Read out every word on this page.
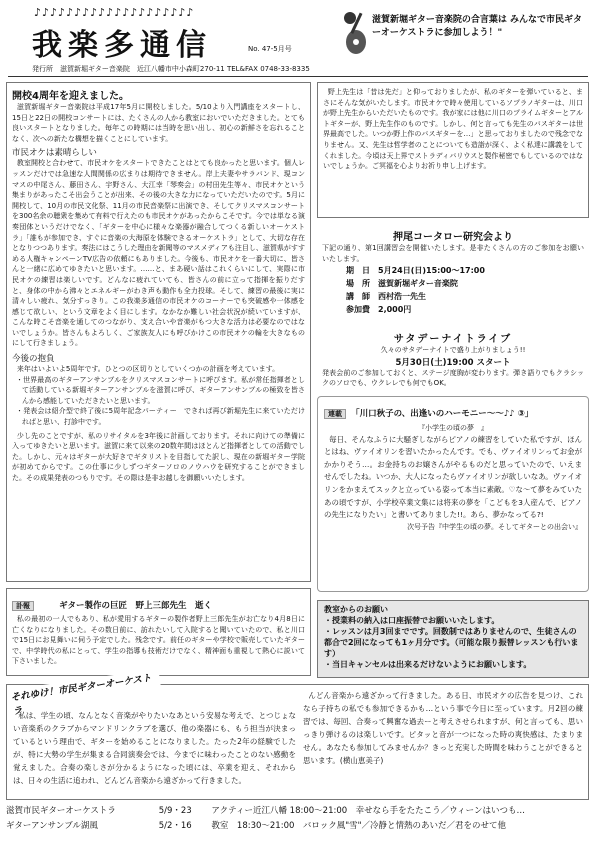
♪♪♪♪♪♪♪♪♪♪♪♪♪♪♪♪♪♪♪♪
我楽多通信	No. 47-5月号
滋賀新堀ギター音楽院の合言葉は みんなで市民ギターオーケストラに参加しよう！"
発行所　滋賀新堀ギター音楽院　近江八幡市中小森町270-11 TEL&FAX 0748-33-8335
開校4周年を迎えました。
滋賀新堀ギター音楽院は平成17年5月に開校しました。5/10より入門講座をスタートし、15日と22日の開校コンサートには、たくさんの人から教室においでいただきました。とても良いスタートとなりました。毎年この時期には当時を思い出し、初心の新鮮さを忘れることなく、次への新たな構想を描くことにしています。
市民オケは素晴らしい
教室開校と合わせて、市民オケをスタートできたことはとても良かったと思います。個人レッスンだけでは急速な人間関係の広まりは期待できません。岸上夫妻やサラバンド、現コンマスの中尾さん、藤田さん、宇野さん、大江幸「琴奏会」の村田先生等々、市民オケという集まりがあったこそ出会うことが出来、その後の大きな力になっていただいたのです。5月に開校して、10月の市民文化祭、11月の市民音楽祭に出演でき、そしてクリスマスコンサートを300名余の聴衆を集めて有料で行えたのも市民オケがあったからこそです。今では単なる演奏団体というだけでなく、「ギターを中心に様々な楽器が融合してつくる新しいオーケストラ」「誰もが参加でき、すぐに音楽の大海原を体験できるオーケストラ」として、大切な存在となりつつあります。奏法にはこうした理由を新聞等のマスメディアも注目し、滋賀県がすすめる人権キャンペーンTV広告の依頼にもありました。今後も、市民オケを一番大切に、皆さんと一緒に広めてゆきたいと思います。……と、まあ硬い話はこれくらいにして、実際に市民オケの練習は楽しいです。どんなに疲れていても、皆さんの前に立って指揮を振りだすと、身体の中から沸々とエネルギーがわき声も動作も全力投球。そして、練習の最後に実に清々しい疲れ、気分すっきり。この我楽多通信の市民オケのコーナーでも突破感や一体感を感じて欲しい、という文章をよく目にします。なかなか難しい社会状況が続いていますが、こんな時こそ音楽を通してのつながり、支え合いや音楽がもつ大きな活力は必要なのではないでしょうか。皆さんもよろしく、ご家族友人にも呼びかけこの市民オケの輪を大きなものにして行きましょう。
今後の抱負
来年はいよいよ5周年です。ひとつの区切りとしていくつかの計画を考えています。
・世界最高のギターアンサンブルをクリスマスコンサートに呼びます。私が常任指揮者として活動している新堀ギターアンサンブルを滋賀に呼び、ギターアンサンブルの極致を皆さんから感能していただきたいと思います。
・発表会は紹介型で終了後に5周年記念パーティー　できれば再び新堀先生に来ていただければと思い、打診中です。
少し先のことですが、私のリサイタルを3年後に計画しております。それに向けての準備に入ってゆきたいと思います。滋賀に来て以来の20数年間はほとんど指揮者としての活動でした。しかし、元々はギターが大好きでギタリストを目指してた訳し、現在の新堀ギター学院が初めてからです。この仕事に少しずつギターソロのノウハウを研究することができました。その成果発表のつもりです。その際は是非お越しを御願いいたします。
訃報	ギター製作の巨匠　野上三郎先生　逝く
私の最初の一人でもあり、私が愛用するギターの製作者野上三郎先生がお亡なり4月8日に亡くなりになりました。その数日前に、訪れたいして入院すると聞いていたので、私と川口で15日にお見舞いに伺う予定でした。残念です。前任のギターや学校で販売していたギターで、中学時代の私にとって、学生の指導も技術だけでなく、精神面も重視して熱心に説いて下さいました。
野上先生は「昔は先だ」と仰っておりましたが、私のギターを弾いていると、まさにそんな気がいたします。市民オケで時々使用しているソプラノギターは、川口が野上先生からいただいたものです。我が家には他に川口のプライムギターとアルトギターが、野上先生作のものです。しかし、何と言っても先生のバスギターは世界最高でした。いつか野上作のバスギターを…」と思っておりましたので残念でなりません。又、先生は哲学者のことについても造詣が深く、よく私達に講義をしてくれました。今頃は天上界でストラディバリウスと製作秘密でもしているのではないでしょうか。ご冥福を心よりお祈り申し上げます。
押尾コータロー研究会より
下記の通り、第1回講習会を開催いたします。是非たくさんの方のご参加をお願いいたします。
期　日	5月24日(日)15:00～17:00
場　所	滋賀新堀ギター音楽院
講　師	西村浩一先生
参加費	2,000円
サタデーナイトライブ
久々のサタデーナイトで盛り上がりましょう!!
5月30日(土)19:00 スタート
発表会前のご参加しておくと、ステージ度胸が変わります。弾き語りでもクラシックのソロでも、ウクレレでも何でもOK。
連載 「川口秋子の、出逢いのハーモニー～～♪♪ ③」
『小学生の頃の夢　』
毎日、そんなふうに大騒ぎしながらピアノの練習をしていた私ですが、ほんとはね、ヴァイオリンを習いたかったんです。でも、ヴァイオリンってお金がかかりそう…。お金持ちのお嬢さんがやるものだと思っていたので、いえませんでしたね。いつか、大人になったらヴァイオリンが欲しいなあ。ヴァイオリンをかまえてスックと立っている姿って本当に素敵。♡な～て夢をみていたあの頃ですが、小学校卒業文集には将来の夢を「こどもを3人産んで、ピアノの先生になりたい」と書いてありました!!。あら、夢かなってる?!
次号予告『中学生の頃の夢。そしてギターとの出会い』
教室からのお願い
・授業料の納入は口座振替でお願いいたします。
・レッスンは月3回までです。回数制ではありませんので、生徒さんの都合で2回になっても1ヶ月分です。（可能な限り振替レッスンも行います）
・当日キャンセルは出来るだけないようにお願いします。
それゆけ！市民ギターオーケストラ
私は、学生の頃、なんとなく音楽がやりたいなあという安易な考えで、とつじょない音楽系のクラブからマンドリンクラブを選び、他の楽器にも、もう担当が決まっているという理由で、ギターを始めることになりました。たった2年の経験でしたが、特に大勢の学生が集まる合同演奏会では、今までに味わったことのない感動を覚えました。合奏の楽しさが分かるようになった頃には、卒業を迎え、それからは、日々の生活に追われ、どんどん音楽から遠ざかって行きました。
んどん音楽から遠ざかって行きました。ある日、市民オケの広告を見つけ、これなら子持ちの私でも参加できるかも…という事で今日に至っています。月2回の練習では、毎回、合奏って興奮な過去ーと考えさせられますが、何と言っても、思いっきり弾けるのは楽しいです。ピタッと音が一つになった時の爽快感は、たまりません。あなたも参加してみませんか？きっと充実した時間を味わうことができると思います。(横山恵美子)
滋賀市民ギターオーケストラ	5/9・23 アクティー近江八幡 18:00～21:00　幸せなら手をたたこう／ウィーンはいつも…
ギターアンサンブル湖風	5/2・16 教室　18:30～21:00　バロック風"雪"／冷静と情熱のあいだ／君をのせて他
